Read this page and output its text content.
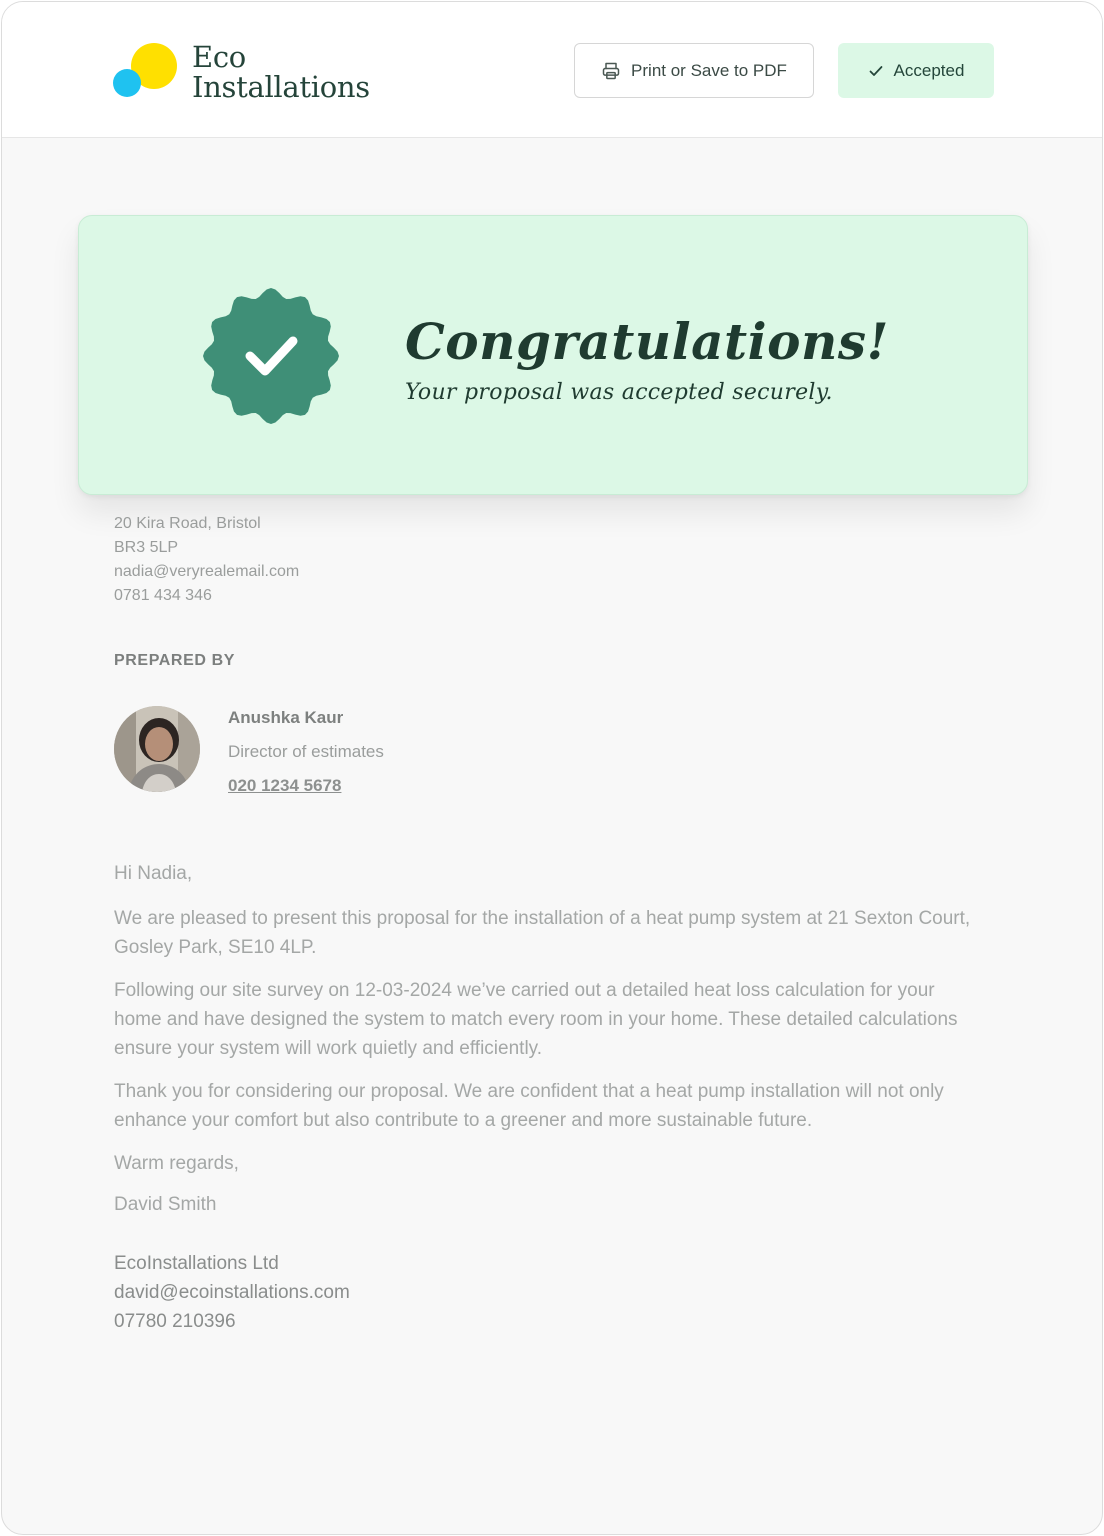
Eco
Installations	Print or Save to PDF	Accepted
Congratulations!
Your proposal was accepted securely.
20 Kira Road, Bristol
BR3 5LP
nadia@veryrealemail.com
0781 434 346
PREPARED BY
Anushka Kaur
Director of estimates
020 1234 5678

Hi Nadia,

We are pleased to present this proposal for the installation of a heat pump system at 21 Sexton Court, Gosley Park, SE10 4LP.

Following our site survey on 12-03-2024 we’ve carried out a detailed heat loss calculation for your home and have designed the system to match every room in your home. These detailed calculations ensure your system will work quietly and efficiently.

Thank you for considering our proposal. We are confident that a heat pump installation will not only enhance your comfort but also contribute to a greener and more sustainable future.

Warm regards,

David Smith

EcoInstallations Ltd
david@ecoinstallations.com
07780 210396
